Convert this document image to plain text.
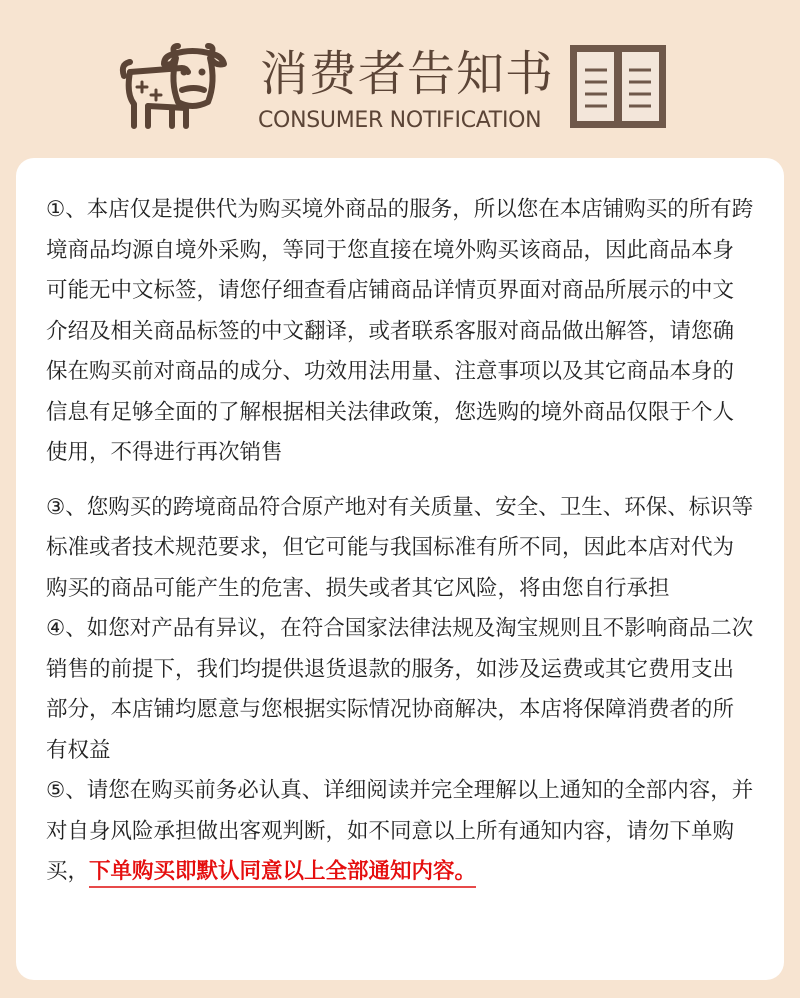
消费者告知书
CONSUMER NOTIFICATION

①、本店仅是提供代为购买境外商品的服务，所以您在本店铺购买的所有跨境商品均源自境外采购，等同于您直接在境外购买该商品，因此商品本身可能无中文标签，请您仔细查看店铺商品详情页界面对商品所展示的中文介绍及相关商品标签的中文翻译，或者联系客服对商品做出解答，请您确保在购买前对商品的成分、功效用法用量、注意事项以及其它商品本身的信息有足够全面的了解根据相关法律政策，您选购的境外商品仅限于个人使用，不得进行再次销售

③、您购买的跨境商品符合原产地对有关质量、安全、卫生、环保、标识等标准或者技术规范要求，但它可能与我国标准有所不同，因此本店对代为购买的商品可能产生的危害、损失或者其它风险，将由您自行承担

④、如您对产品有异议，在符合国家法律法规及淘宝规则且不影响商品二次销售的前提下，我们均提供退货退款的服务，如涉及运费或其它费用支出部分，本店铺均愿意与您根据实际情况协商解决，本店将保障消费者的所有权益

⑤、请您在购买前务必认真、详细阅读并完全理解以上通知的全部内容，并对自身风险承担做出客观判断，如不同意以上所有通知内容，请勿下单购买，下单购买即默认同意以上全部通知内容。
